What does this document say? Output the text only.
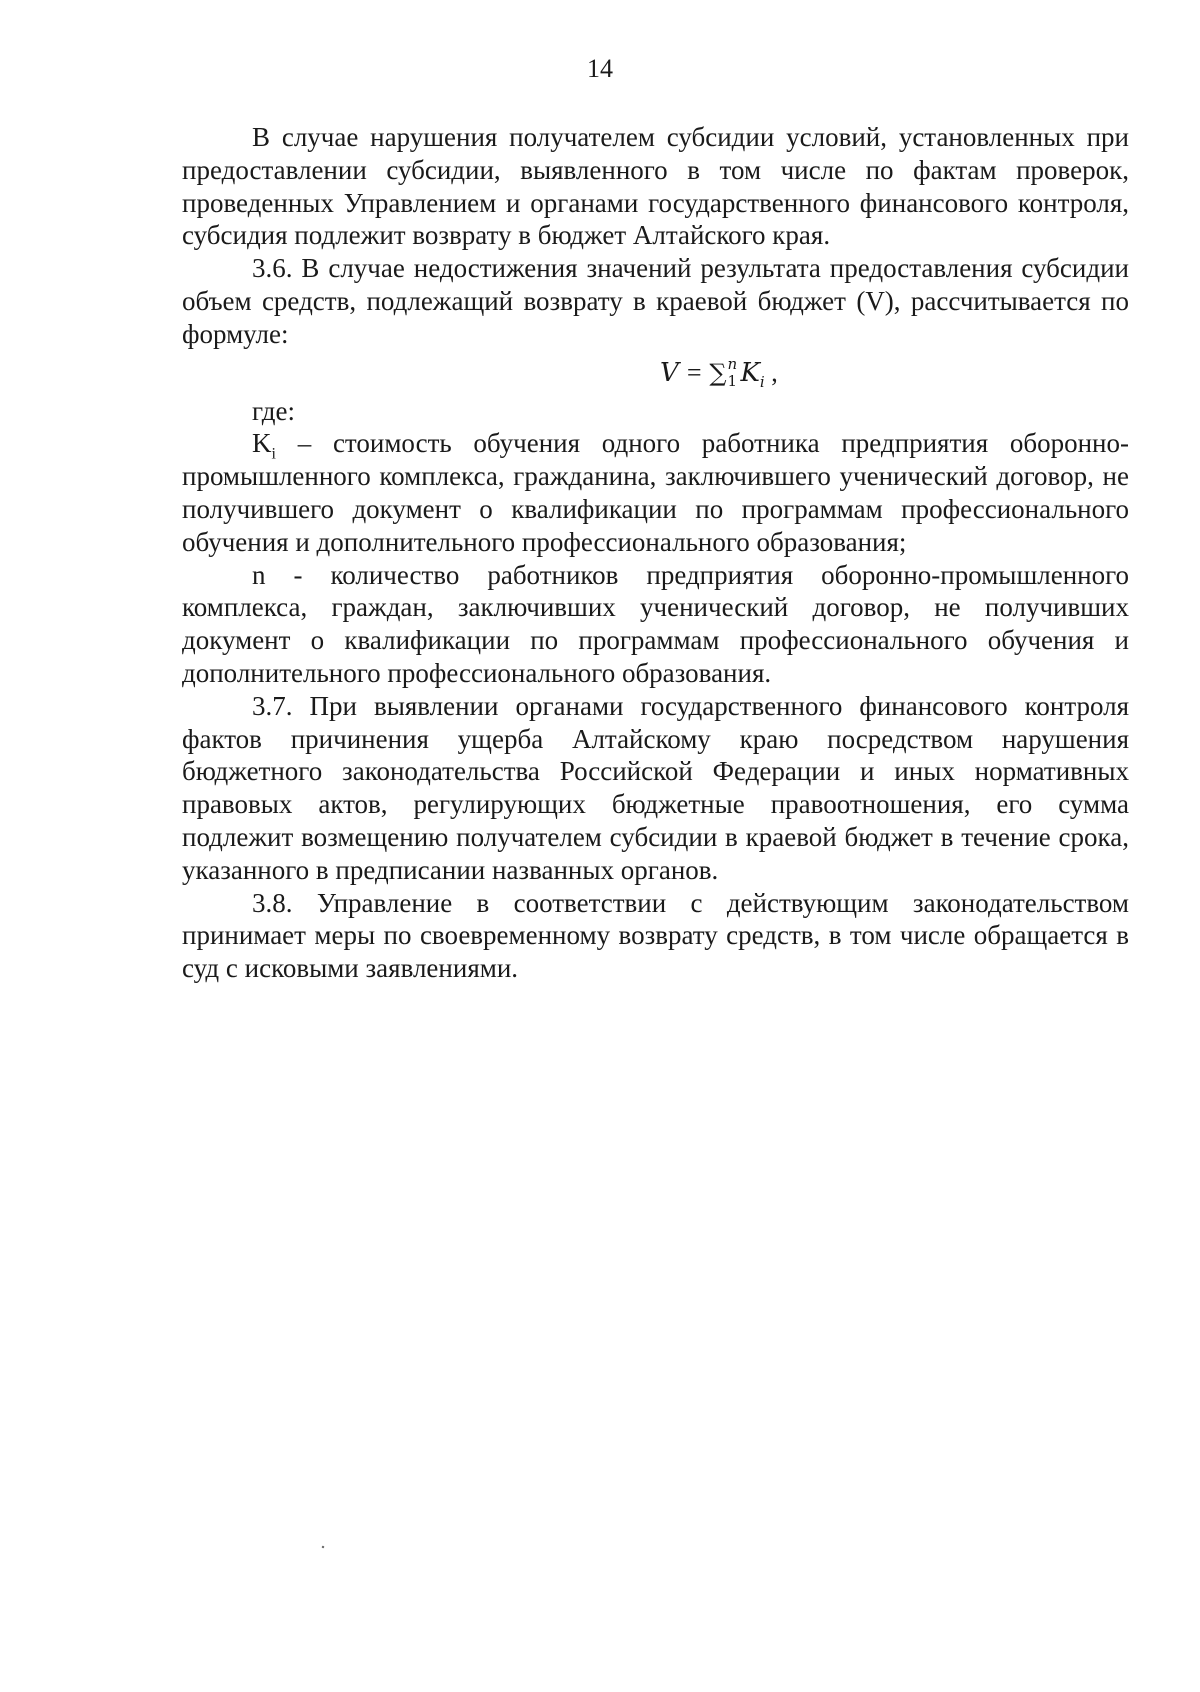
14

В случае нарушения получателем субсидии условий, установленных при предоставлении субсидии, выявленного в том числе по фактам проверок, проведенных Управлением и органами государственного финансового контроля, субсидия подлежит возврату в бюджет Алтайского края.

3.6. В случае недостижения значений результата предоставления субсидии объем средств, подлежащий возврату в краевой бюджет (V), рассчитывается по формуле:

V = ∑ n
1 $K_i$ ,

где:

$K_i$ – стоимость обучения одного работника предприятия оборонно-промышленного комплекса, гражданина, заключившего ученический договор, не получившего документ о квалификации по программам профессионального обучения и дополнительного профессионального образования;

n - количество работников предприятия оборонно-промышленного комплекса, граждан, заключивших ученический договор, не получивших документ о квалификации по программам профессионального обучения и дополнительного профессионального образования.

3.7. При выявлении органами государственного финансового контроля фактов причинения ущерба Алтайскому краю посредством нарушения бюджетного законодательства Российской Федерации и иных нормативных правовых актов, регулирующих бюджетные правоотношения, его сумма подлежит возмещению получателем субсидии в краевой бюджет в течение срока, указанного в предписании названных органов.

3.8. Управление в соответствии с действующим законодательством принимает меры по своевременному возврату средств, в том числе обращается в суд с исковыми заявлениями.
